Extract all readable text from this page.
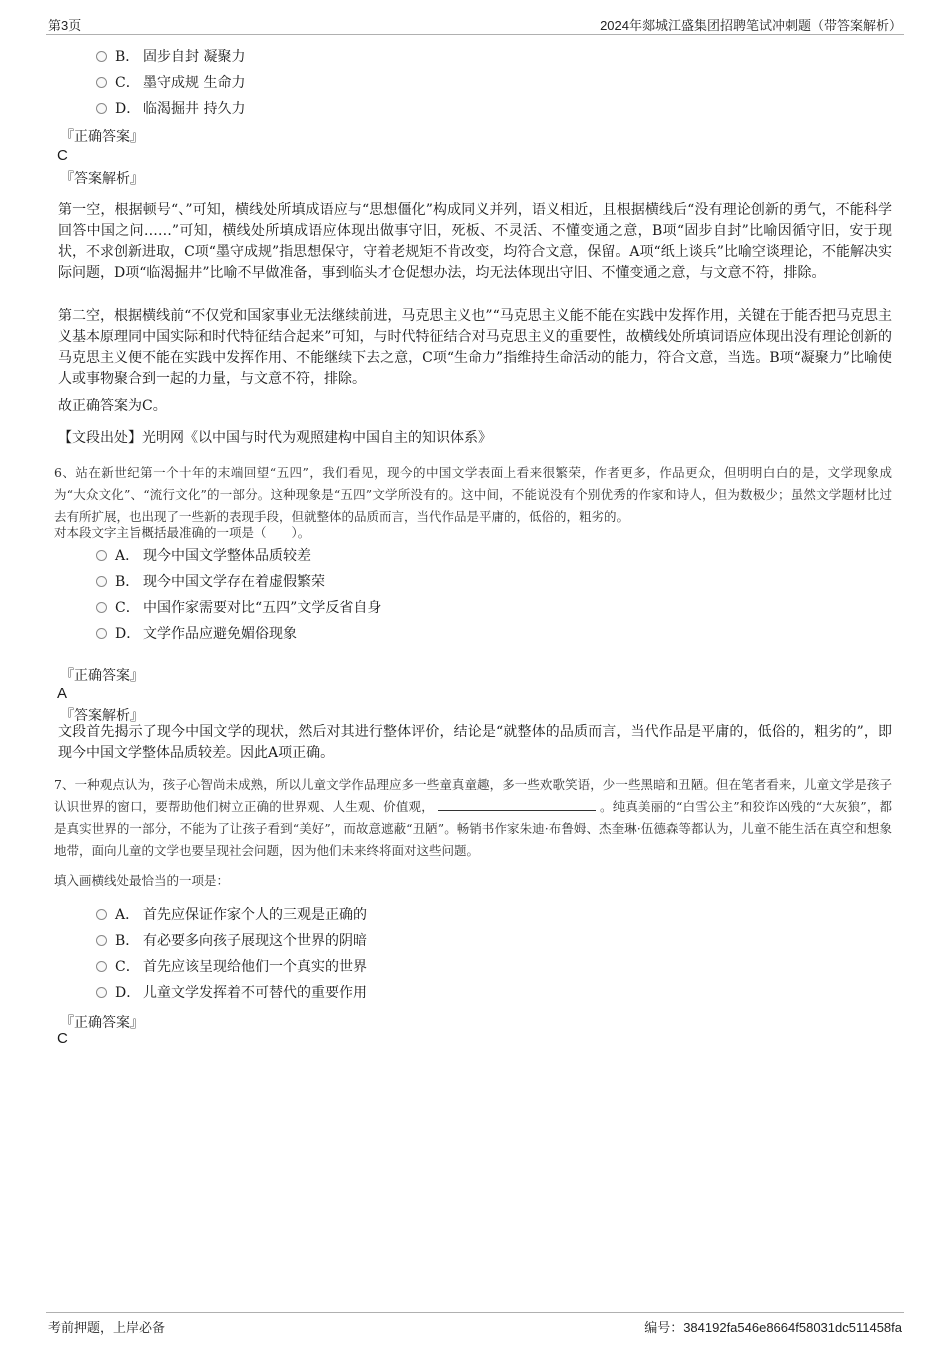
第3页	2024年郯城江盛集团招聘笔试冲刺题（带答案解析）
B． 固步自封 凝聚力
C． 墨守成规 生命力
D． 临渴掘井 持久力
『正确答案』
C
『答案解析』

第一空，根据顿号“、”可知，横线处所填成语应与“思想僵化”构成同义并列，语义相近，且根据横线后“没有理论创新的勇气，不能科学回答中国之问……”可知，横线处所填成语应体现出做事守旧，死板、不灵活、不懂变通之意，B项“固步自封”比喻因循守旧，安于现状，不求创新进取，C项“墨守成规”指思想保守，守着老规矩不肯改变，均符合文意，保留。A项“纸上谈兵”比喻空谈理论，不能解决实际问题，D项“临渴掘井”比喻不早做准备，事到临头才仓促想办法，均无法体现出守旧、不懂变通之意，与文意不符，排除。

第二空，根据横线前“不仅党和国家事业无法继续前进，马克思主义也”“马克思主义能不能在实践中发挥作用，关键在于能否把马克思主义基本原理同中国实际和时代特征结合起来”可知，与时代特征结合对马克思主义的重要性，故横线处所填词语应体现出没有理论创新的马克思主义便不能在实践中发挥作用、不能继续下去之意，C项“生命力”指维持生命活动的能力，符合文意，当选。B项“凝聚力”比喻使人或事物聚合到一起的力量，与文意不符，排除。

故正确答案为C。

【文段出处】光明网《以中国与时代为观照建构中国自主的知识体系》

6、站在新世纪第一个十年的末端回望“五四”，我们看见，现今的中国文学表面上看来很繁荣，作者更多，作品更众，但明明白白的是，文学现象成为“大众文化”、“流行文化”的一部分。这种现象是“五四”文学所没有的。这中间，不能说没有个别优秀的作家和诗人，但为数极少；虽然文学题材比过去有所扩展，也出现了一些新的表现手段，但就整体的品质而言，当代作品是平庸的，低俗的，粗劣的。

对本段文字主旨概括最准确的一项是（　　）。

A． 现今中国文学整体品质较差
B． 现今中国文学存在着虚假繁荣
C． 中国作家需要对比“五四”文学反省自身
D． 文学作品应避免媚俗现象
『正确答案』
A
『答案解析』

文段首先揭示了现今中国文学的现状，然后对其进行整体评价，结论是“就整体的品质而言，当代作品是平庸的，低俗的，粗劣的”，即现今中国文学整体品质较差。因此A项正确。

7、一种观点认为，孩子心智尚未成熟，所以儿童文学作品理应多一些童真童趣，多一些欢歌笑语，少一些黑暗和丑陋。但在笔者看来，儿童文学是孩子认识世界的窗口，要帮助他们树立正确的世界观、人生观、价值观，	。纯真美丽的“白雪公主”和狡诈凶残的“大灰狼”，都是真实世界的一部分，不能为了让孩子看到“美好”，而故意遮蔽“丑陋”。畅销书作家朱迪·布鲁姆、杰奎琳·伍德森等都认为，儿童不能生活在真空和想象地带，面向儿童的文学也要呈现社会问题，因为他们未来终将面对这些问题。

填入画横线处最恰当的一项是：

A． 首先应保证作家个人的三观是正确的
B． 有必要多向孩子展现这个世界的阴暗
C． 首先应该呈现给他们一个真实的世界
D． 儿童文学发挥着不可替代的重要作用
『正确答案』
C
考前押题，上岸必备	编号：384192fa546e8664f58031dc511458fa
